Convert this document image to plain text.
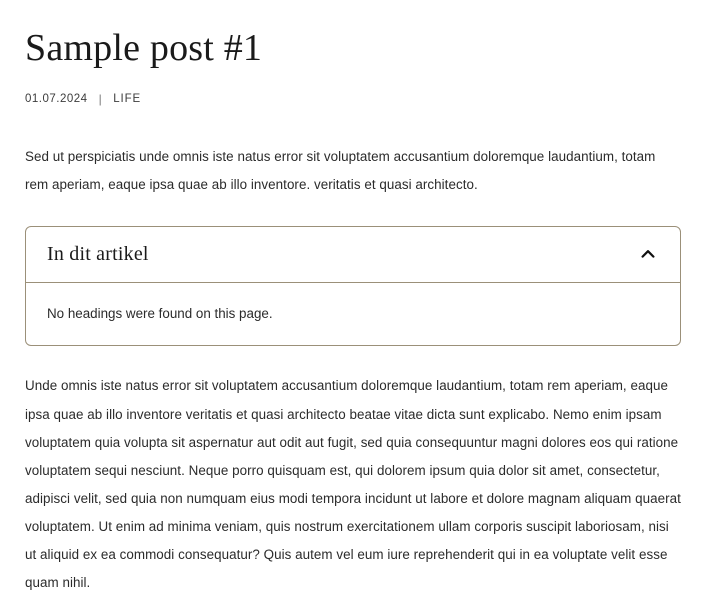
Sample post #1
01.07.2024 | LIFE

Sed ut perspiciatis unde omnis iste natus error sit voluptatem accusantium doloremque laudantium, totam rem aperiam, eaque ipsa quae ab illo inventore. veritatis et quasi architecto.

In dit artikel
No headings were found on this page.

Unde omnis iste natus error sit voluptatem accusantium doloremque laudantium, totam rem aperiam, eaque ipsa quae ab illo inventore veritatis et quasi architecto beatae vitae dicta sunt explicabo. Nemo enim ipsam voluptatem quia volupta sit aspernatur aut odit aut fugit, sed quia consequuntur magni dolores eos qui ratione voluptatem sequi nesciunt. Neque porro quisquam est, qui dolorem ipsum quia dolor sit amet, consectetur, adipisci velit, sed quia non numquam eius modi tempora incidunt ut labore et dolore magnam aliquam quaerat voluptatem. Ut enim ad minima veniam, quis nostrum exercitationem ullam corporis suscipit laboriosam, nisi ut aliquid ex ea commodi consequatur? Quis autem vel eum iure reprehenderit qui in ea voluptate velit esse quam nihil.
